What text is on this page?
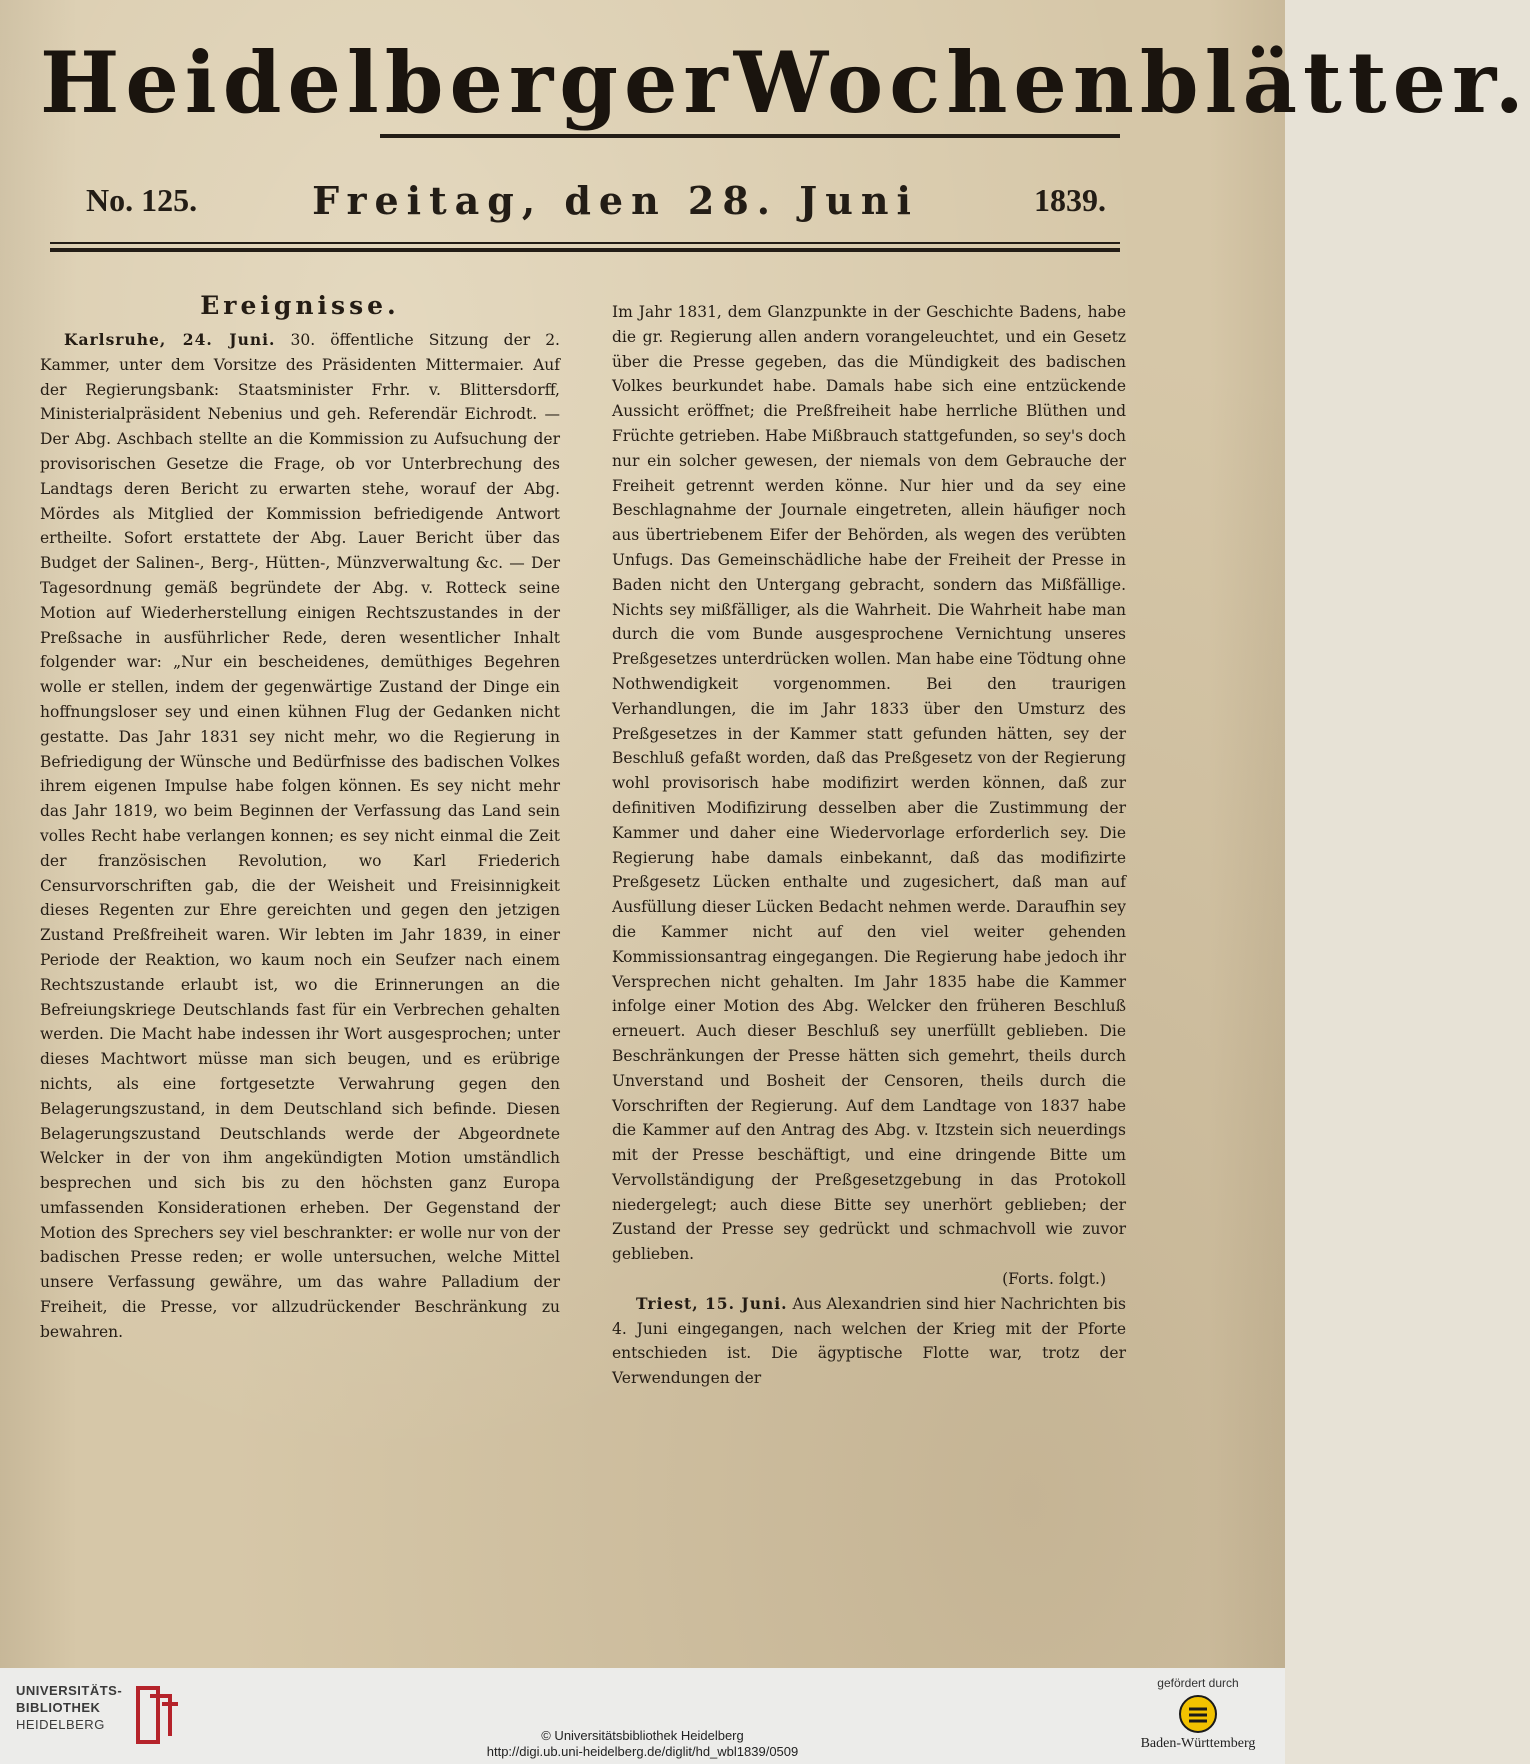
Heidelberger Wochenblätter.
No. 125.	Freitag, den 28. Juni	1839.
Ereignisse.

Karlsruhe, 24. Juni. 30. öffentliche Sitzung der 2. Kammer, unter dem Vorsitze des Präsidenten Mittermaier. Auf der Regierungsbank: Staatsminister Frhr. v. Blittersdorff, Ministerialpräsident Nebenius und geh. Referendär Eichrodt. — Der Abg. Aschbach stellte an die Kommission zu Aufsuchung der provisorischen Gesetze die Frage, ob vor Unterbrechung des Landtags deren Bericht zu erwarten stehe, worauf der Abg. Mördes als Mitglied der Kommission befriedigende Antwort ertheilte. Sofort erstattete der Abg. Lauer Bericht über das Budget der Salinen-, Berg-, Hütten-, Münzverwaltung &c. — Der Tagesordnung gemäß begründete der Abg. v. Rotteck seine Motion auf Wiederherstellung einigen Rechtszustandes in der Preßsache in ausführlicher Rede, deren wesentlicher Inhalt folgender war: „Nur ein bescheidenes, demüthiges Begehren wolle er stellen, indem der gegenwärtige Zustand der Dinge ein hoffnungsloser sey und einen kühnen Flug der Gedanken nicht gestatte. Das Jahr 1831 sey nicht mehr, wo die Regierung in Befriedigung der Wünsche und Bedürfnisse des badischen Volkes ihrem eigenen Impulse habe folgen können. Es sey nicht mehr das Jahr 1819, wo beim Beginnen der Verfassung das Land sein volles Recht habe verlangen konnen; es sey nicht einmal die Zeit der französischen Revolution, wo Karl Friederich Censurvorschriften gab, die der Weisheit und Freisinnigkeit dieses Regenten zur Ehre gereichten und gegen den jetzigen Zustand Preßfreiheit waren. Wir lebten im Jahr 1839, in einer Periode der Reaktion, wo kaum noch ein Seufzer nach einem Rechtszustande erlaubt ist, wo die Erinnerungen an die Befreiungskriege Deutschlands fast für ein Verbrechen gehalten werden. Die Macht habe indessen ihr Wort ausgesprochen; unter dieses Machtwort müsse man sich beugen, und es erübrige nichts, als eine fortgesetzte Verwahrung gegen den Belagerungszustand, in dem Deutschland sich befinde. Diesen Belagerungszustand Deutschlands werde der Abgeordnete Welcker in der von ihm angekündigten Motion umständlich besprechen und sich bis zu den höchsten ganz Europa umfassenden Konsiderationen erheben. Der Gegenstand der Motion des Sprechers sey viel beschrankter: er wolle nur von der badischen Presse reden; er wolle untersuchen, welche Mittel unsere Verfassung gewähre, um das wahre Palladium der Freiheit, die Presse, vor allzudrückender Beschränkung zu bewahren.

Im Jahr 1831, dem Glanzpunkte in der Geschichte Badens, habe die gr. Regierung allen andern vorangeleuchtet, und ein Gesetz über die Presse gegeben, das die Mündigkeit des badischen Volkes beurkundet habe. Damals habe sich eine entzückende Aussicht eröffnet; die Preßfreiheit habe herrliche Blüthen und Früchte getrieben. Habe Mißbrauch stattgefunden, so sey's doch nur ein solcher gewesen, der niemals von dem Gebrauche der Freiheit getrennt werden könne. Nur hier und da sey eine Beschlagnahme der Journale eingetreten, allein häufiger noch aus übertriebenem Eifer der Behörden, als wegen des verübten Unfugs. Das Gemeinschädliche habe der Freiheit der Presse in Baden nicht den Untergang gebracht, sondern das Mißfällige. Nichts sey mißfälliger, als die Wahrheit. Die Wahrheit habe man durch die vom Bunde ausgesprochene Vernichtung unseres Preßgesetzes unterdrücken wollen. Man habe eine Tödtung ohne Nothwendigkeit vorgenommen. Bei den traurigen Verhandlungen, die im Jahr 1833 über den Umsturz des Preßgesetzes in der Kammer statt gefunden hätten, sey der Beschluß gefaßt worden, daß das Preßgesetz von der Regierung wohl provisorisch habe modifizirt werden können, daß zur definitiven Modifizirung desselben aber die Zustimmung der Kammer und daher eine Wiedervorlage erforderlich sey. Die Regierung habe damals einbekannt, daß das modifizirte Preßgesetz Lücken enthalte und zugesichert, daß man auf Ausfüllung dieser Lücken Bedacht nehmen werde. Daraufhin sey die Kammer nicht auf den viel weiter gehenden Kommissionsantrag eingegangen. Die Regierung habe jedoch ihr Versprechen nicht gehalten. Im Jahr 1835 habe die Kammer infolge einer Motion des Abg. Welcker den früheren Beschluß erneuert. Auch dieser Beschluß sey unerfüllt geblieben. Die Beschränkungen der Presse hätten sich gemehrt, theils durch Unverstand und Bosheit der Censoren, theils durch die Vorschriften der Regierung. Auf dem Landtage von 1837 habe die Kammer auf den Antrag des Abg. v. Itzstein sich neuerdings mit der Presse beschäftigt, und eine dringende Bitte um Vervollständigung der Preßgesetzgebung in das Protokoll niedergelegt; auch diese Bitte sey unerhört geblieben; der Zustand der Presse sey gedrückt und schmachvoll wie zuvor geblieben.

(Forts. folgt.)

Triest, 15. Juni. Aus Alexandrien sind hier Nachrichten bis 4. Juni eingegangen, nach welchen der Krieg mit der Pforte entschieden ist. Die ägyptische Flotte war, trotz der Verwendungen der

UNIVERSITÄTS-
BIBLIOTHEK
HEIDELBERG
© Universitätsbibliothek Heidelberg
http://digi.ub.uni-heidelberg.de/diglit/hd_wbl1839/0509
gefördert durch
Baden-Württemberg
